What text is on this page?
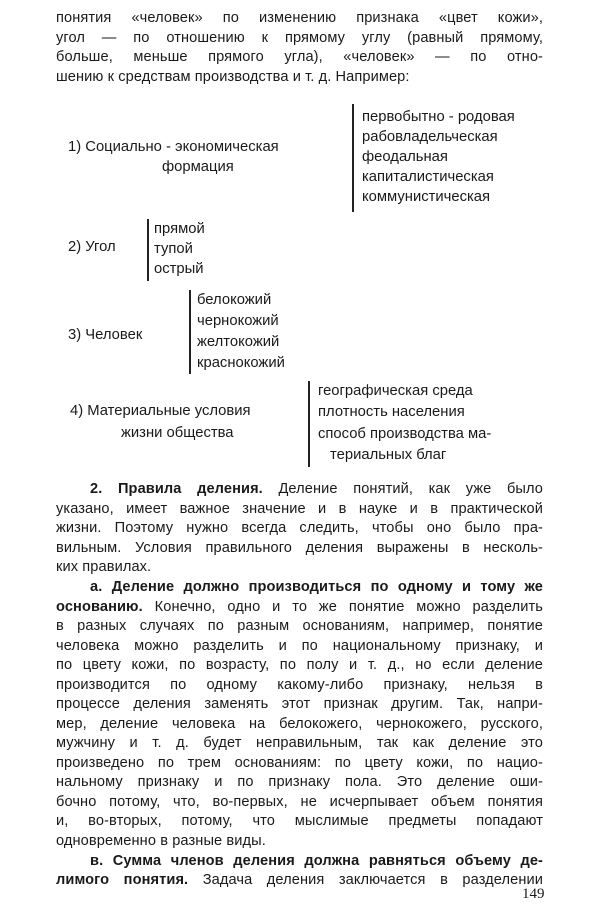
понятия «человек» по изменению признака «цвет кожи»,
угол — по отношению к прямому углу (равный прямому,
больше, меньше прямого угла), «человек» — по отно-
шению к средствам производства и т. д. Например:
1) Социально - экономическая
формация
первобытно - родовая
рабовладельческая
феодальная
капиталистическая
коммунистическая
2) Угол
прямой
тупой
острый
3) Человек
белокожий
чернокожий
желтокожий
краснокожий
4) Материальные условия
жизни общества
географическая среда
плотность населения
способ производства ма-
териальных благ
2. Правила деления. Деление понятий, как уже было
указано, имеет важное значение и в науке и в практической
жизни. Поэтому нужно всегда следить, чтобы оно было пра-
вильным. Условия правильного деления выражены в несколь-
ких правилах.
а. Деление должно производиться по одному и тому же
основанию. Конечно, одно и то же понятие можно разделить
в разных случаях по разным основаниям, например, понятие
человека можно разделить и по национальному признаку, и
по цвету кожи, по возрасту, по полу и т. д., но если деление
производится по одному какому-либо признаку, нельзя в
процессе деления заменять этот признак другим. Так, напри-
мер, деление человека на белокожего, чернокожего, русского,
мужчину и т. д. будет неправильным, так как деление это
произведено по трем основаниям: по цвету кожи, по нацио-
нальному признаку и по признаку пола. Это деление оши-
бочно потому, что, во-первых, не исчерпывает объем понятия
и, во-вторых, потому, что мыслимые предметы попадают
одновременно в разные виды.
в. Сумма членов деления должна равняться объему де-
лимого понятия. Задача деления заключается в разделении
149
